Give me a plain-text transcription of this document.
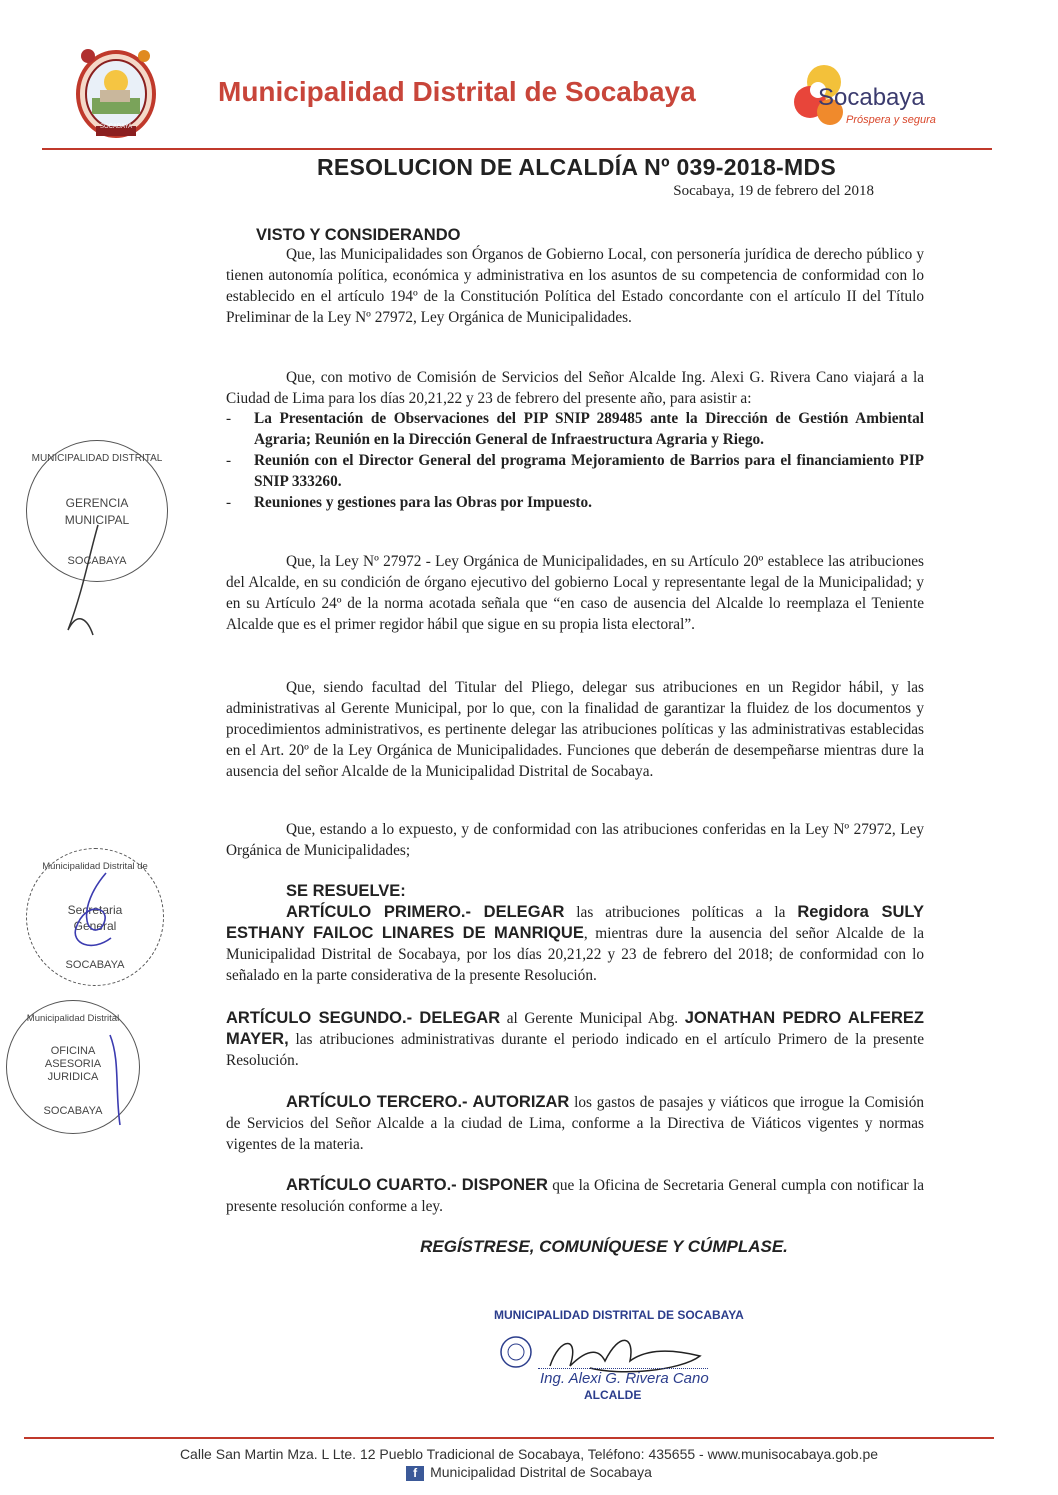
SOCABAYA
Municipalidad Distrital de Socabaya	Socabaya
Próspera y segura
RESOLUCION DE ALCALDÍA Nº 039-2018-MDS
Socabaya, 19 de febrero del 2018
VISTO Y CONSIDERANDO
Que, las Municipalidades son Órganos de Gobierno Local, con personería jurídica de derecho público y tienen autonomía política, económica y administrativa en los asuntos de su competencia de conformidad con lo establecido en el artículo 194º de la Constitución Política del Estado concordante con el artículo II del Título Preliminar de la Ley Nº 27972, Ley Orgánica de Municipalidades.
Que, con motivo de Comisión de Servicios del Señor Alcalde Ing. Alexi G. Rivera Cano viajará a la Ciudad de Lima para los días 20,21,22 y 23 de febrero del presente año, para asistir a:
- La Presentación de Observaciones del PIP SNIP 289485 ante la Dirección de Gestión Ambiental Agraria; Reunión en la Dirección General de Infraestructura Agraria y Riego.
- Reunión con el Director General del programa Mejoramiento de Barrios para el financiamiento PIP SNIP 333260.
- Reuniones y gestiones para las Obras por Impuesto.
Que, la Ley Nº 27972 - Ley Orgánica de Municipalidades, en su Artículo 20º establece las atribuciones del Alcalde, en su condición de órgano ejecutivo del gobierno Local y representante legal de la Municipalidad; y en su Artículo 24º de la norma acotada señala que “en caso de ausencia del Alcalde lo reemplaza el Teniente Alcalde que es el primer regidor hábil que sigue en su propia lista electoral”.
Que, siendo facultad del Titular del Pliego, delegar sus atribuciones en un Regidor hábil, y las administrativas al Gerente Municipal, por lo que, con la finalidad de garantizar la fluidez de los documentos y procedimientos administrativos, es pertinente delegar las atribuciones políticas y las administrativas establecidas en el Art. 20º de la Ley Orgánica de Municipalidades. Funciones que deberán de desempeñarse mientras dure la ausencia del señor Alcalde de la Municipalidad Distrital de Socabaya.
Que, estando a lo expuesto, y de conformidad con las atribuciones conferidas en la Ley Nº 27972, Ley Orgánica de Municipalidades;
SE RESUELVE:
ARTÍCULO PRIMERO.- DELEGAR las atribuciones políticas a la Regidora SULY ESTHANY FAILOC LINARES DE MANRIQUE, mientras dure la ausencia del señor Alcalde de la Municipalidad Distrital de Socabaya, por los días 20,21,22 y 23 de febrero del 2018; de conformidad con lo señalado en la parte considerativa de la presente Resolución.
ARTÍCULO SEGUNDO.- DELEGAR al Gerente Municipal Abg. JONATHAN PEDRO ALFEREZ MAYER, las atribuciones administrativas durante el periodo indicado en el artículo Primero de la presente Resolución.
ARTÍCULO TERCERO.- AUTORIZAR los gastos de pasajes y viáticos que irrogue la Comisión de Servicios del Señor Alcalde a la ciudad de Lima, conforme a la Directiva de Viáticos vigentes y normas vigentes de la materia.
ARTÍCULO CUARTO.- DISPONER que la Oficina de Secretaria General cumpla con notificar la presente resolución conforme a ley.
REGÍSTRESE, COMUNÍQUESE Y CÚMPLASE.
MUNICIPALIDAD DISTRITAL
GERENCIA
MUNICIPAL
SOCABAYA
Municipalidad Distrital de
Secretaria
General
SOCABAYA
Municipalidad Distrital
OFICINA
ASESORIA
JURIDICA
SOCABAYA
MUNICIPALIDAD DISTRITAL DE SOCABAYA
Ing. Alexi G. Rivera Cano
ALCALDE
Calle San Martin Mza. L Lte. 12 Pueblo Tradicional de Socabaya, Teléfono: 435655 - www.munisocabaya.gob.pe
f Municipalidad Distrital de Socabaya
